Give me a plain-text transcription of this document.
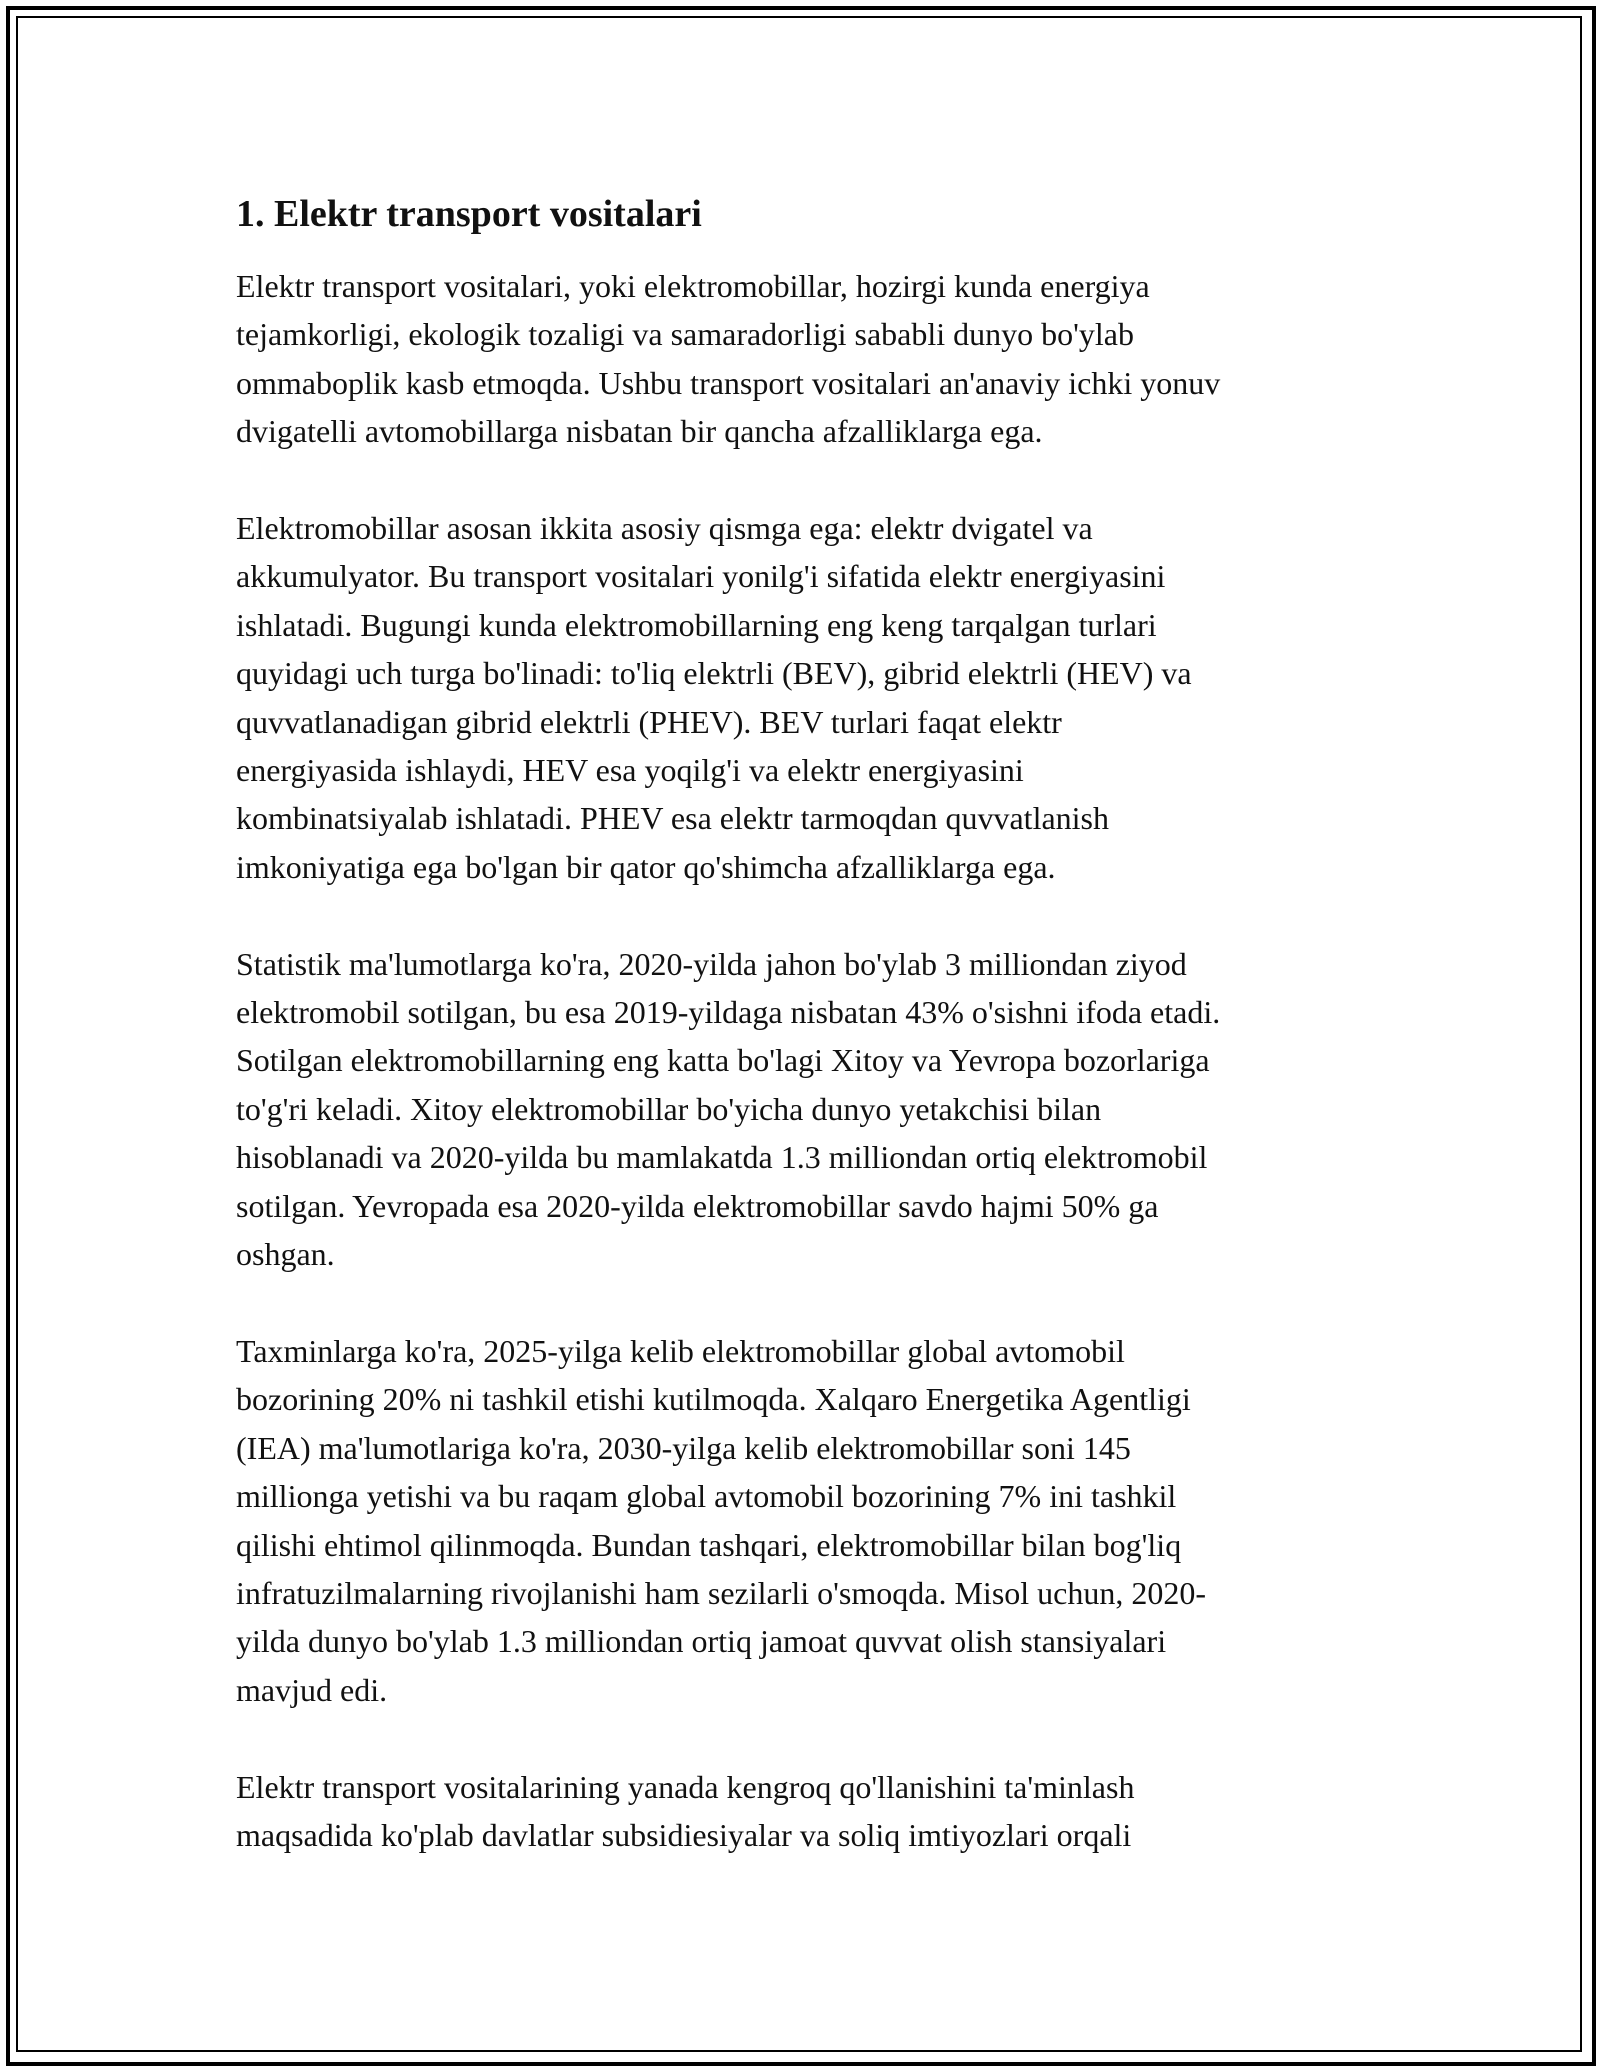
1. Elektr transport vositalari
Elektr transport vositalari, yoki elektromobillar, hozirgi kunda energiya
tejamkorligi, ekologik tozaligi va samaradorligi sababli dunyo bo'ylab
ommaboplik kasb etmoqda. Ushbu transport vositalari an'anaviy ichki yonuv
dvigatelli avtomobillarga nisbatan bir qancha afzalliklarga ega.
Elektromobillar asosan ikkita asosiy qismga ega: elektr dvigatel va
akkumulyator. Bu transport vositalari yonilg'i sifatida elektr energiyasini
ishlatadi. Bugungi kunda elektromobillarning eng keng tarqalgan turlari
quyidagi uch turga bo'linadi: to'liq elektrli (BEV), gibrid elektrli (HEV) va
quvvatlanadigan gibrid elektrli (PHEV). BEV turlari faqat elektr
energiyasida ishlaydi, HEV esa yoqilg'i va elektr energiyasini
kombinatsiyalab ishlatadi. PHEV esa elektr tarmoqdan quvvatlanish
imkoniyatiga ega bo'lgan bir qator qo'shimcha afzalliklarga ega.
Statistik ma'lumotlarga ko'ra, 2020-yilda jahon bo'ylab 3 milliondan ziyod
elektromobil sotilgan, bu esa 2019-yildaga nisbatan 43% o'sishni ifoda etadi.
Sotilgan elektromobillarning eng katta bo'lagi Xitoy va Yevropa bozorlariga
to'g'ri keladi. Xitoy elektromobillar bo'yicha dunyo yetakchisi bilan
hisoblanadi va 2020-yilda bu mamlakatda 1.3 milliondan ortiq elektromobil
sotilgan. Yevropada esa 2020-yilda elektromobillar savdo hajmi 50% ga
oshgan.
Taxminlarga ko'ra, 2025-yilga kelib elektromobillar global avtomobil
bozorining 20% ni tashkil etishi kutilmoqda. Xalqaro Energetika Agentligi
(IEA) ma'lumotlariga ko'ra, 2030-yilga kelib elektromobillar soni 145
millionga yetishi va bu raqam global avtomobil bozorining 7% ini tashkil
qilishi ehtimol qilinmoqda. Bundan tashqari, elektromobillar bilan bog'liq
infratuzilmalarning rivojlanishi ham sezilarli o'smoqda. Misol uchun, 2020-
yilda dunyo bo'ylab 1.3 milliondan ortiq jamoat quvvat olish stansiyalari
mavjud edi.
Elektr transport vositalarining yanada kengroq qo'llanishini ta'minlash
maqsadida ko'plab davlatlar subsidiesiyalar va soliq imtiyozlari orqali
